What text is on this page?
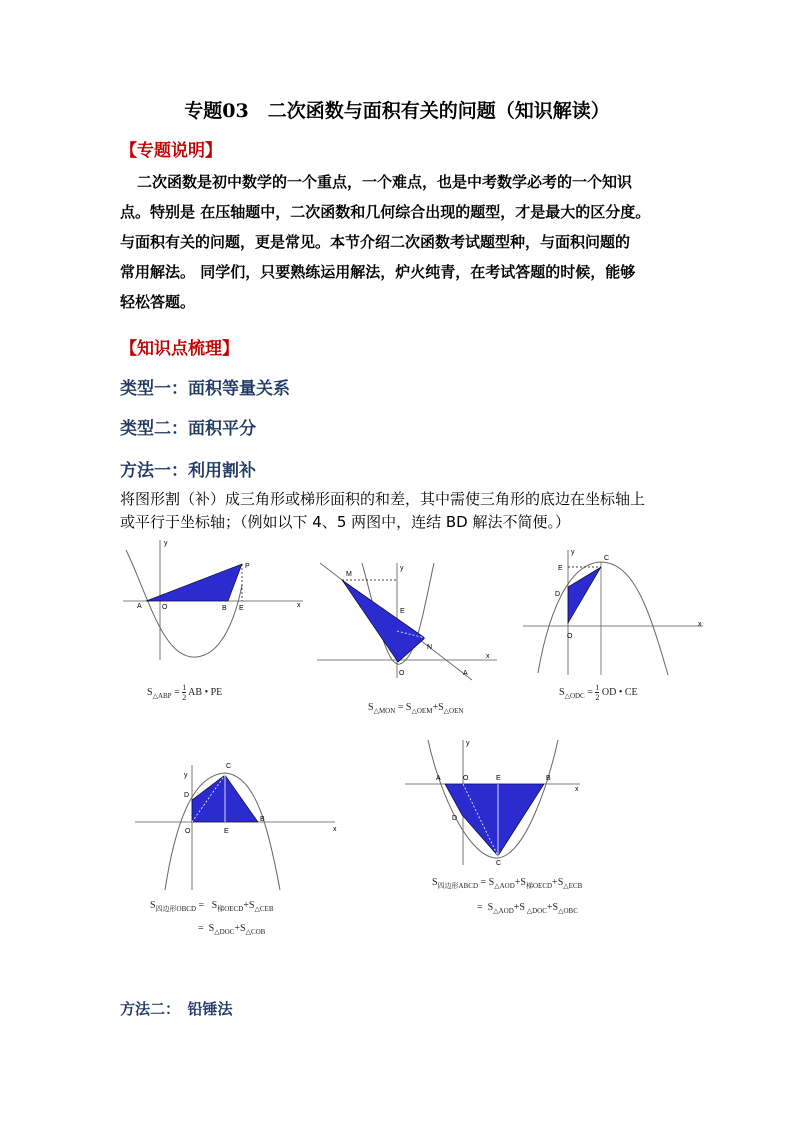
专题03　二次函数与面积有关的问题（知识解读）
【专题说明】

二次函数是初中数学的一个重点，一个难点，也是中考数学必考的一个知识

点。特别是 在压轴题中，二次函数和几何综合出现的题型，才是最大的区分度。

与面积有关的问题，更是常见。本节介绍二次函数考试题型种，与面积问题的

常用解法。 同学们，只要熟练运用解法，炉火纯青，在考试答题的时候，能够

轻松答题。

【知识点梳理】
类型一：面积等量关系
类型二：面积平分
方法一：利用割补
将图形割（补）成三角形或梯形面积的和差，其中需使三角形的底边在坐标轴上
或平行于坐标轴；（例如以下 4、5 两图中，连结 BD 解法不简便。）
y
x
A	O	B E
P
$S_{\triangle ABP} = \frac{1}{2}$ AB • PE
y
x
M
E
N
O	A
$S_{\triangle MON} = S_{\triangle OEM}+S_{\triangle OEN}$
y
x
E
C
D
O
$S_{\triangle ODC} = \frac{1}{2}$ OD • CE
y
x
C
D
O	E
B
$S_{四边形OBCD} = S_{梯OECD}+S_{\triangle CEB}$
= $S_{\triangle DOC}+S_{\triangle COB}$
y
x
A	O	E	B
D
C
$S_{四边形ABCD} = S_{\triangle AOD}+S_{梯OECD}+S_{\triangle ECB}$
= $S_{\triangle AOD}+S$ $_{\triangle DOC}+S_{\triangle OBC}$
方法二：　铅锤法
